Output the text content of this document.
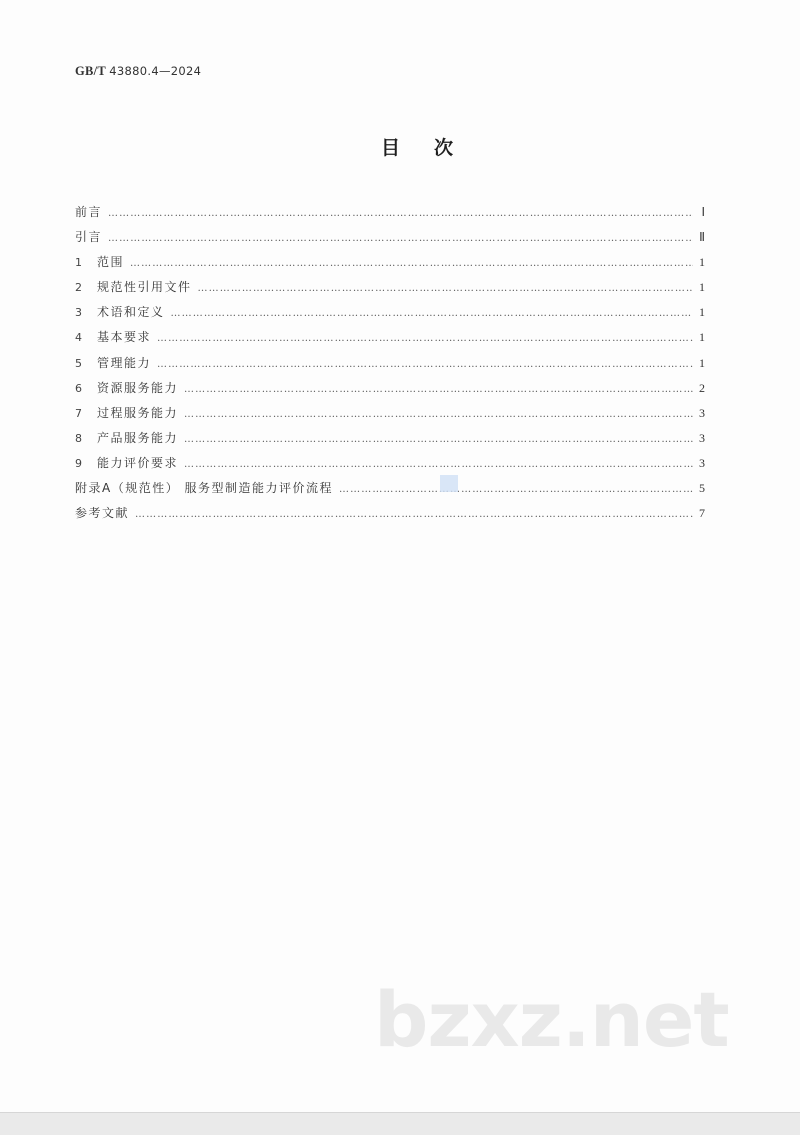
GB/T 43880.4—2024
目次
前言 ……………………………………………………………………………………………………………………………………………………………………………………………………………………………………………	Ⅰ
引言 ……………………………………………………………………………………………………………………………………………………………………………………………………………………………………………	Ⅱ
1	范围 ……………………………………………………………………………………………………………………………………………………………………………………………………………………………………………	1
2	规范性引用文件 ……………………………………………………………………………………………………………………………………………………………………………………………………………………………………………	1
3	术语和定义 ……………………………………………………………………………………………………………………………………………………………………………………………………………………………………………	1
4	基本要求 ……………………………………………………………………………………………………………………………………………………………………………………………………………………………………………	1
5	管理能力 ……………………………………………………………………………………………………………………………………………………………………………………………………………………………………………	1
6	资源服务能力 ……………………………………………………………………………………………………………………………………………………………………………………………………………………………………………	2
7	过程服务能力 ……………………………………………………………………………………………………………………………………………………………………………………………………………………………………………	3
8	产品服务能力 ……………………………………………………………………………………………………………………………………………………………………………………………………………………………………………	3
9	能力评价要求 ……………………………………………………………………………………………………………………………………………………………………………………………………………………………………………	3
附录A（规范性） 服务型制造能力评价流程 ……………………………………………………………………………………………………………………………………………………………………………………………………………………………………………	5
参考文献 ……………………………………………………………………………………………………………………………………………………………………………………………………………………………………………	7
bzxz.net
